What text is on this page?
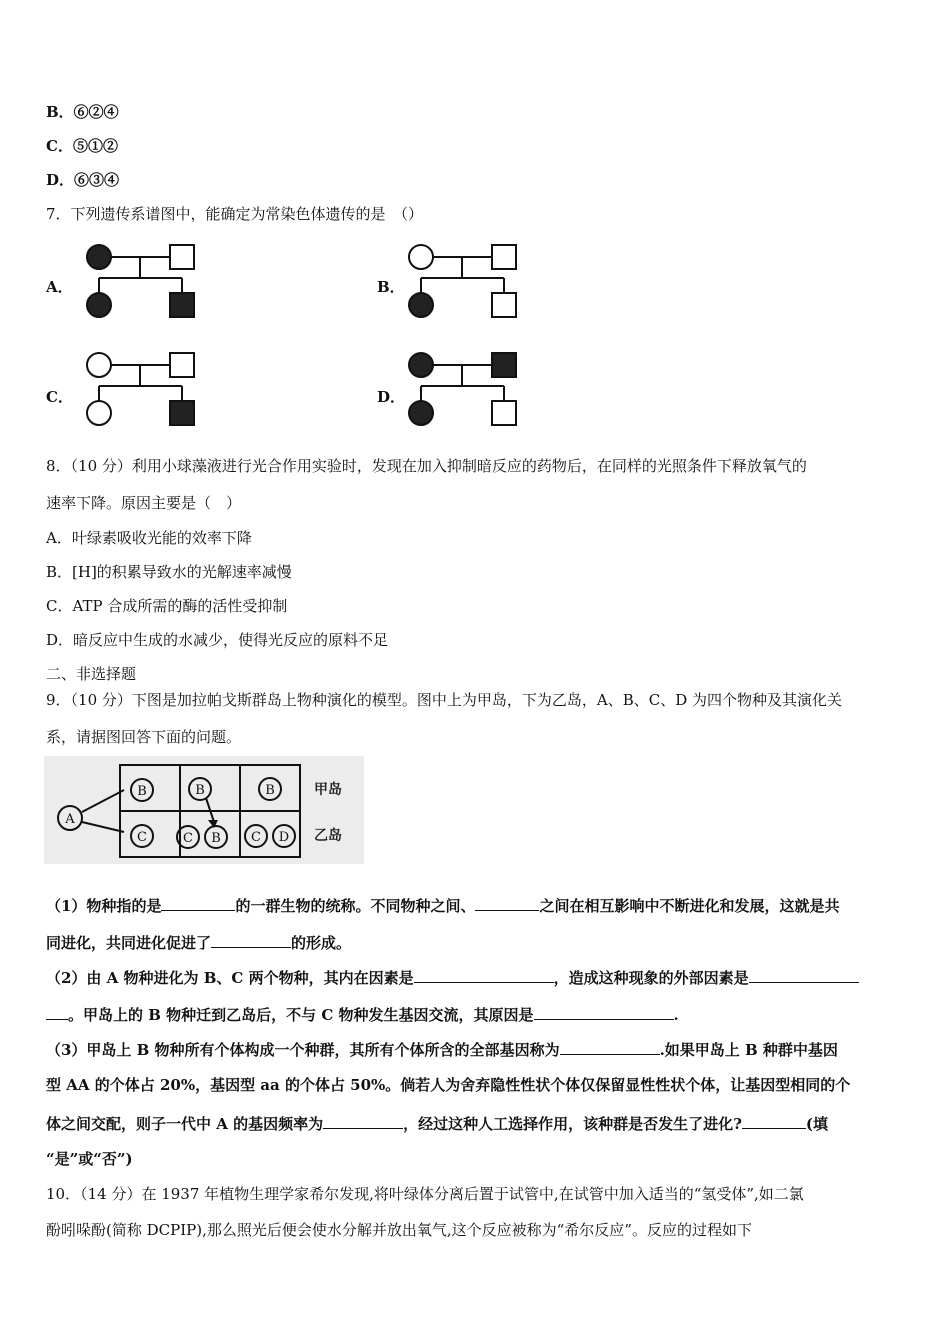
B．⑥②④
C．⑤①②
D．⑥③④
7．下列遗传系谱图中，能确定为常染色体遗传的是　（）
A．	B．
C．	D．
8．（10 分）利用小球藻液进行光合作用实验时，发现在加入抑制暗反应的药物后，在同样的光照条件下释放氧气的
速率下降。原因主要是（　）
A．叶绿素吸收光能的效率下降
B．[H]的积累导致水的光解速率减慢
C．ATP 合成所需的酶的活性受抑制
D．暗反应中生成的水减少，使得光反应的原料不足
二、非选择题
9．（10 分）下图是加拉帕戈斯群岛上物种演化的模型。图中上为甲岛，下为乙岛，A、B、C、D 为四个物种及其演化关
系，请据图回答下面的问题。
A
B	B	B
C	C B C D
甲岛
乙岛
（1）物种指的是	的一群生物的统称。不同物种之间、	之间在相互影响中不断进化和发展，这就是共
同进化，共同进化促进了	的形成。
（2）由 A 物种进化为 B、C 两个物种，其内在因素是	，造成这种现象的外部因素是
。甲岛上的 B 物种迁到乙岛后，不与 C 物种发生基因交流，其原因是	.
（3）甲岛上 B 物种所有个体构成一个种群，其所有个体所含的全部基因称为	.如果甲岛上 B 种群中基因
型 AA 的个体占 20%，基因型 aa 的个体占 50%。倘若人为舍弃隐性性状个体仅保留显性性状个体，让基因型相同的个
体之间交配，则子一代中 A 的基因频率为	，经过这种人工选择作用，该种群是否发生了进化?	(填
“是”或“否”)
10．（14 分）在 1937 年植物生理学家希尔发现,将叶绿体分离后置于试管中,在试管中加入适当的“氢受体”,如二氯
酚吲哚酚(简称 DCPIP),那么照光后便会使水分解并放出氧气,这个反应被称为“希尔反应”。反应的过程如下
